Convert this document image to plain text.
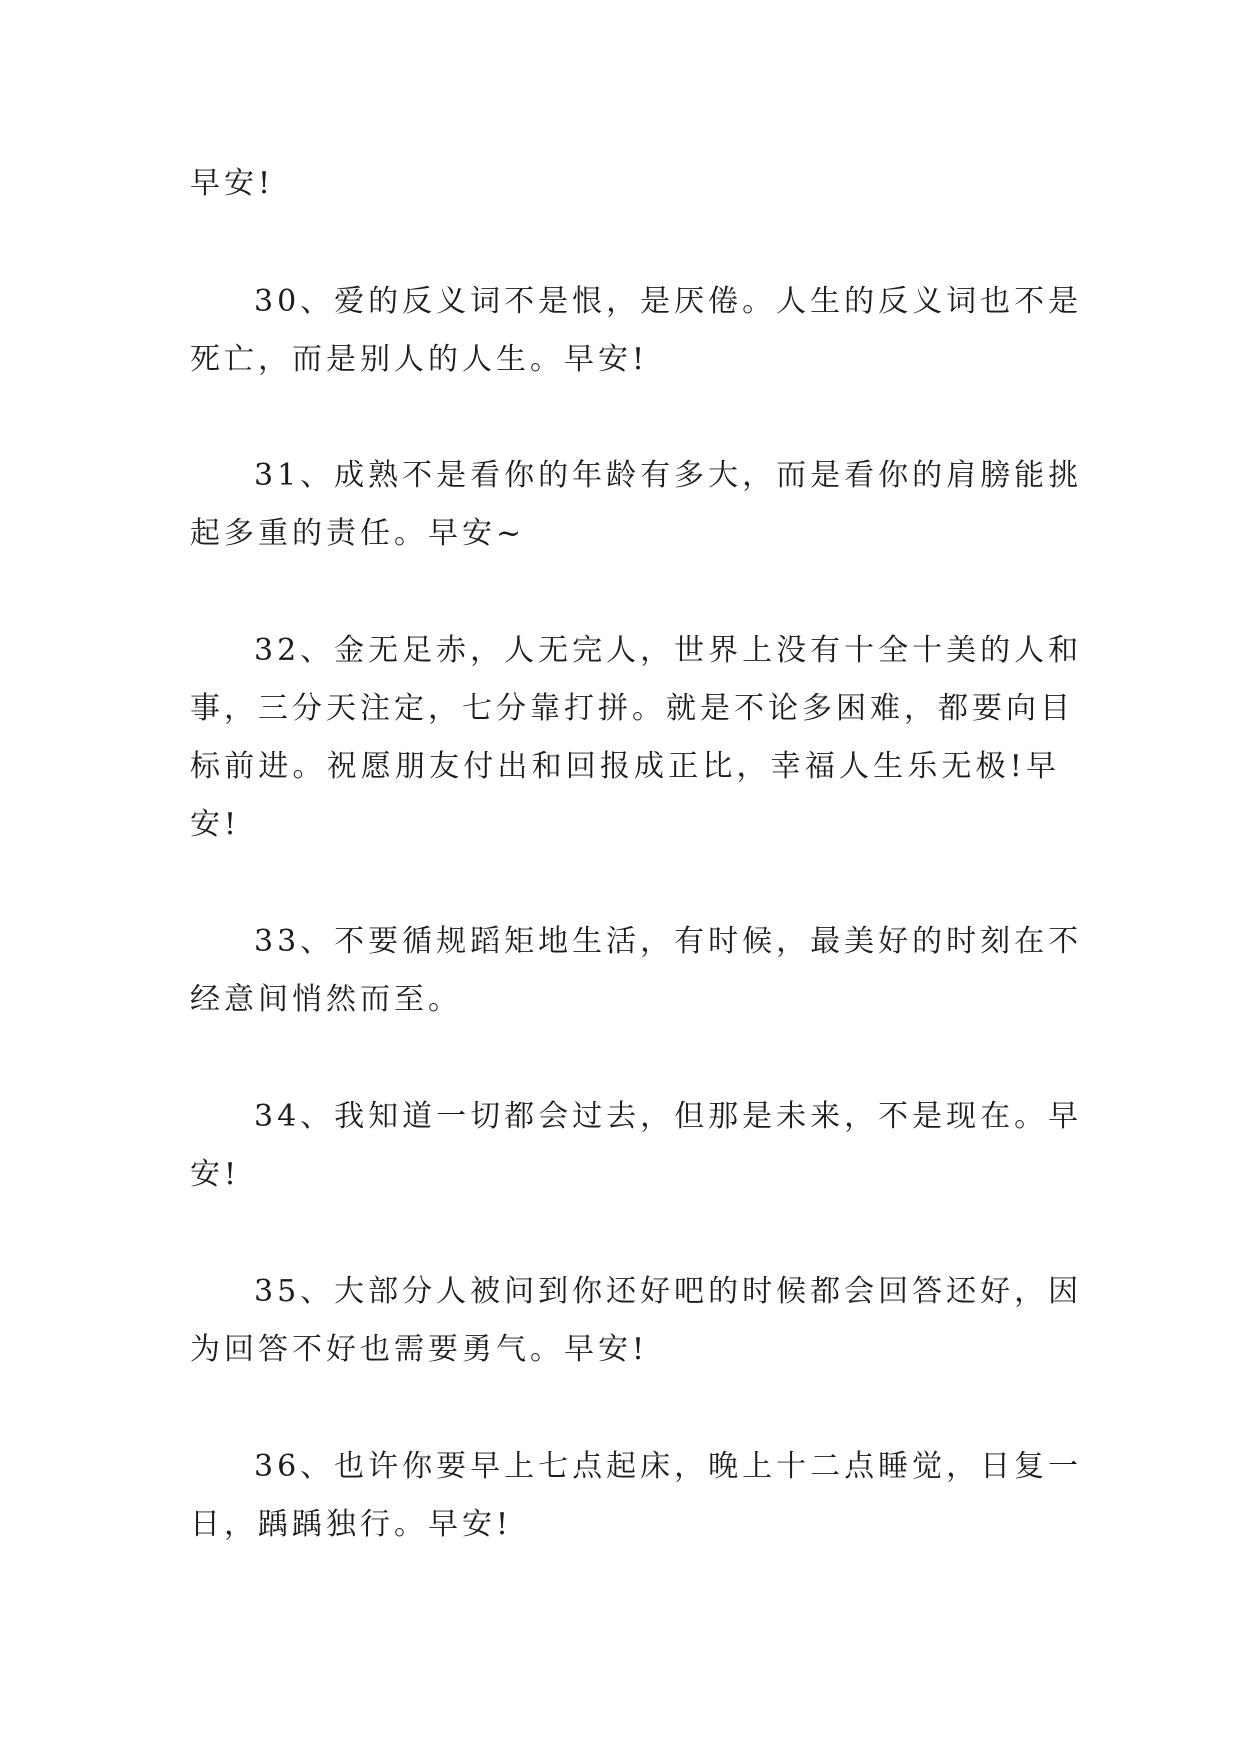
早安!
30、爱的反义词不是恨，是厌倦。人生的反义词也不是
死亡，而是别人的人生。早安!
31、成熟不是看你的年龄有多大，而是看你的肩膀能挑
起多重的责任。早安~
32、金无足赤，人无完人，世界上没有十全十美的人和
事，三分天注定，七分靠打拼。就是不论多困难，都要向目
标前进。祝愿朋友付出和回报成正比，幸福人生乐无极!早
安!
33、不要循规蹈矩地生活，有时候，最美好的时刻在不
经意间悄然而至。
34、我知道一切都会过去，但那是未来，不是现在。早
安!
35、大部分人被问到你还好吧的时候都会回答还好，因
为回答不好也需要勇气。早安!
36、也许你要早上七点起床，晚上十二点睡觉，日复一
日，踽踽独行。早安!
